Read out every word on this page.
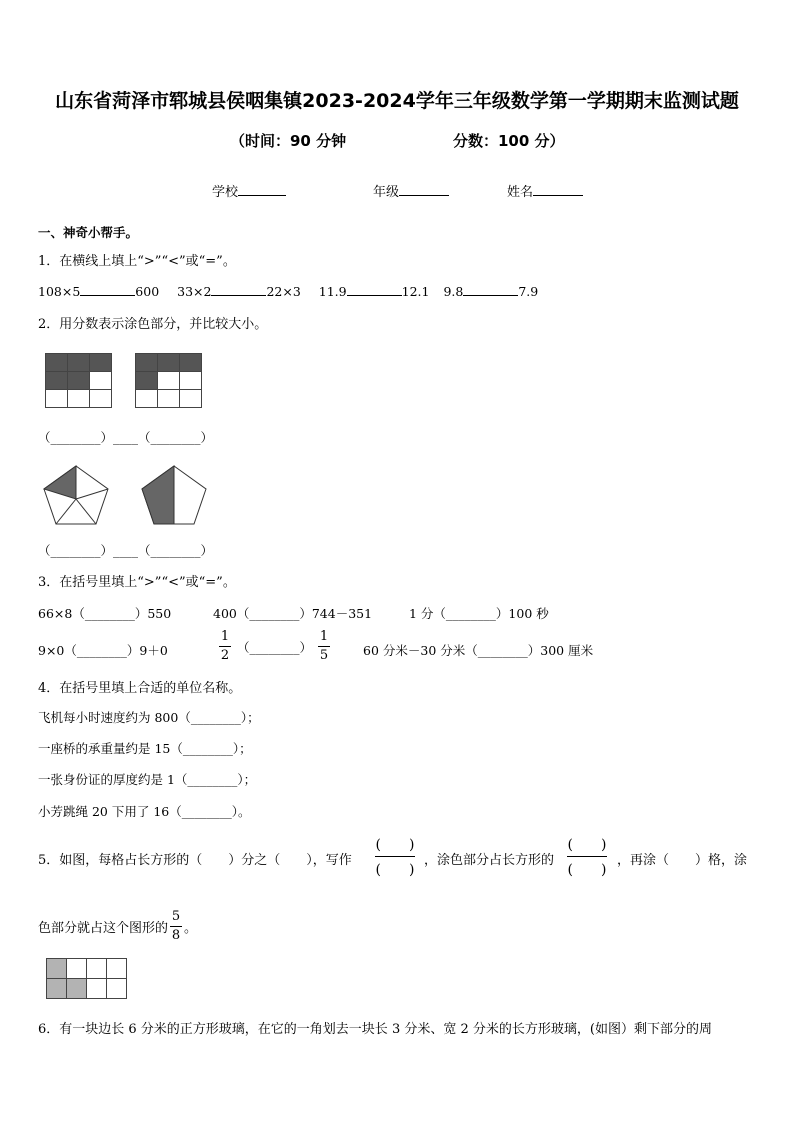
山东省菏泽市郓城县侯咽集镇2023-2024学年三年级数学第一学期期末监测试题
（时间：90 分钟	分数：100 分）
学校	年级	姓名
一、神奇小帮手。
1．在横线上填上“>”“<”或“=”。
108×5	600 33×2	22×3 11.9	12.1 9.8	7.9
2．用分数表示涂色部分，并比较大小。
（________）____（________）
（________）____（________）
3．在括号里填上“>”“<”或“=”。
66×8（________）550	400（________）744－351	1 分（________）100 秒
9×0（________）9＋0	$\frac{1}{2}$ （________） $\frac{1}{5}$	60 分米－30 分米（________）300 厘米
4．在括号里填上合适的单位名称。
飞机每小时速度约为 800（________）；
一座桥的承重量约是 15（________）；
一张身份证的厚度约是 1（________）；
小芳跳绳 20 下用了 16（________）。
5．如图，每格占长方形的（　　）分之（　　），写作
(　　)
(　　)
，涂色部分占长方形的
(　　)
(　　)
，再涂（　　）格，涂
色部分就占这个图形的 $\frac{5}{8}$ 。
6．有一块边长 6 分米的正方形玻璃，在它的一角划去一块长 3 分米、宽 2 分米的长方形玻璃，(如图）剩下部分的周
